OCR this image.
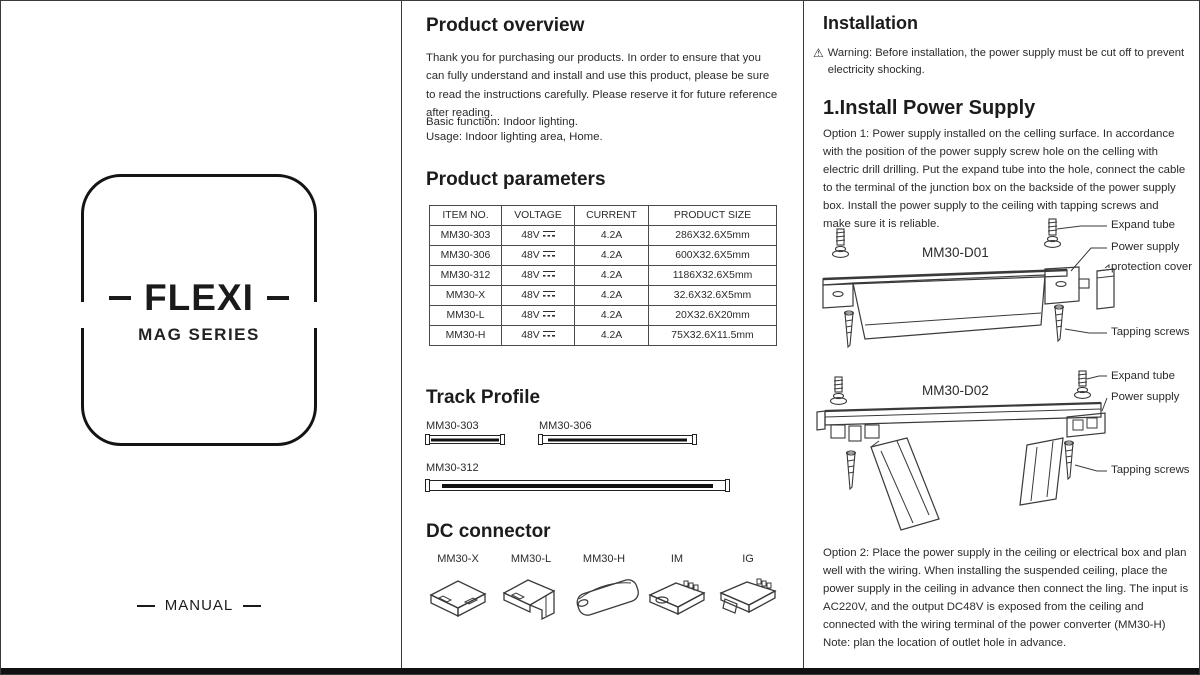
FLEXI
MAG SERIES
MANUAL
Product overview
Thank you for purchasing our products. In order to ensure that you can fully understand and install and use this product, please be sure to read the instructions carefully. Please reserve it for future reference after reading.
Basic function: Indoor lighting.
Usage: Indoor lighting area, Home.
Product parameters
ITEM NO.	VOLTAGE	CURRENT	PRODUCT SIZE
MM30-303	48V	4.2A	286X32.6X5mm
MM30-306	48V	4.2A	600X32.6X5mm
MM30-312	48V	4.2A	1186X32.6X5mm
MM30-X	48V	4.2A	32.6X32.6X5mm
MM30-L	48V	4.2A	20X32.6X20mm
MM30-H	48V	4.2A	75X32.6X11.5mm
Track Profile
MM30-303	MM30-306
MM30-312
DC connector
MM30-X	MM30-L	MM30-H	IM	IG
Installation
⚠ Warning: Before installation, the power supply must be cut off to prevent electricity shocking.
1.Install Power Supply
Option 1: Power supply installed on the celling surface. In accordance with the position of the power supply screw hole on the celling with electric drill drilling. Put the expand tube into the hole, connect the cable to the terminal of the junction box on the backside of the power supply box. Install the power supply to the ceiling with tapping screws and make sure it is reliable.
MM30-D01
Expand tube
Power supply
protection cover
Tapping screws
MM30-D02
Expand tube
Power supply
Tapping screws
Option 2: Place the power supply in the ceiling or electrical box and plan well with the wiring. When installing the suspended ceiling, place the power supply in the ceiling in advance then connect the ling. The input is AC220V, and the output DC48V is exposed from the ceiling and connected with the wiring terminal of the power converter (MM30-H)
Note: plan the location of outlet hole in advance.
